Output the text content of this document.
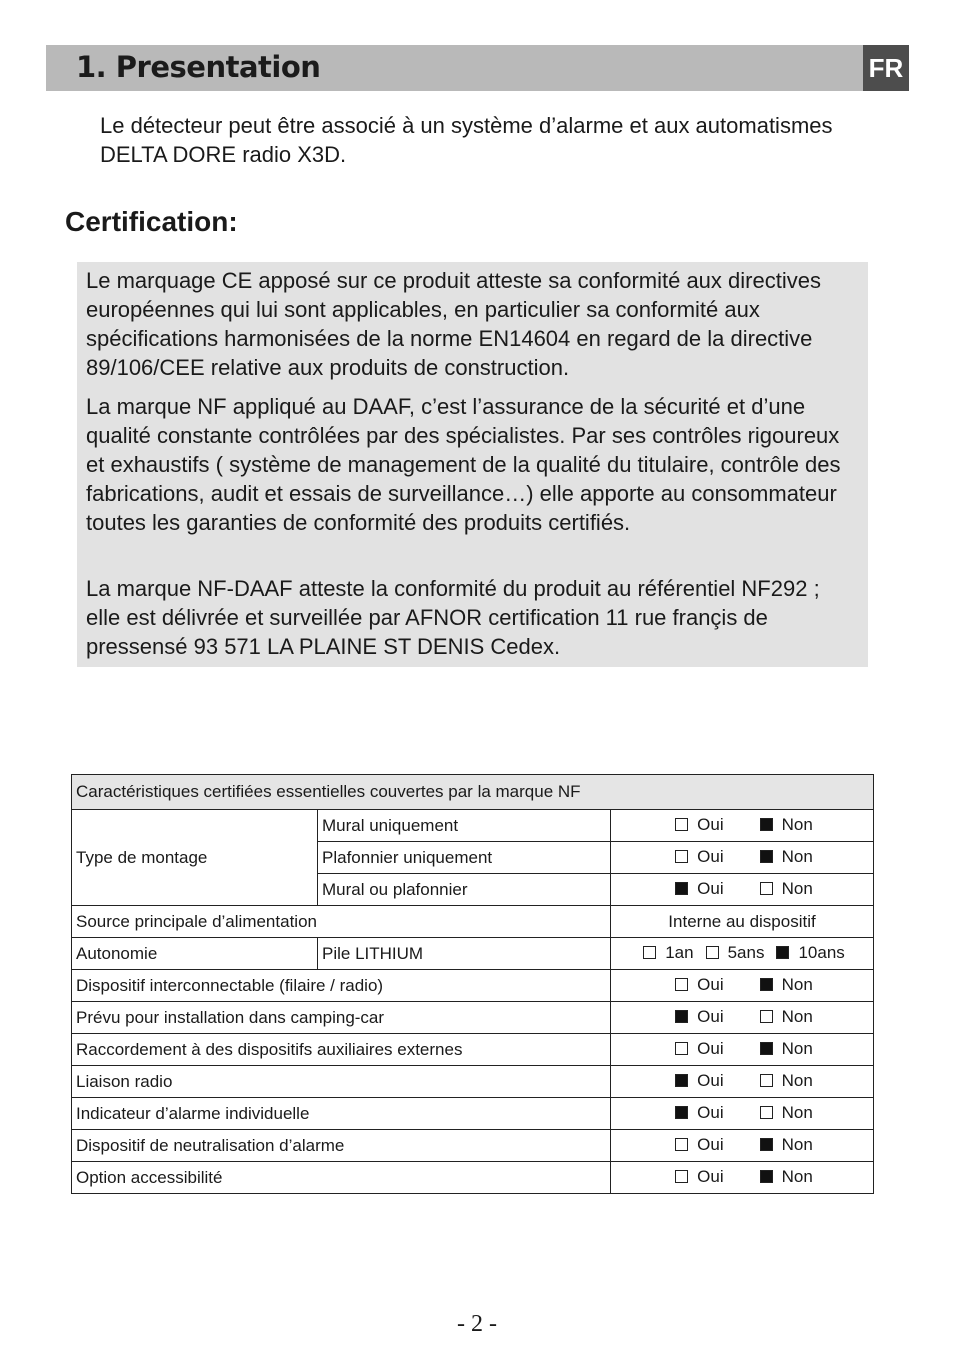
1. Presentation	FR
Le détecteur peut être associé à un système d’alarme et aux automatismes DELTA DORE radio X3D.
Certification:

Le marquage CE apposé sur ce produit atteste sa conformité aux directives européennes qui lui sont applicables, en particulier sa conformité aux spécifications harmonisées de la norme EN14604 en regard de la directive 89/106/CEE relative aux produits de construction.

La marque NF appliqué au DAAF, c’est l’assurance de la sécurité et d’une qualité constante contrôlées par des spécialistes. Par ses contrôles rigoureux et exhaustifs ( système de management de la qualité du titulaire, contrôle des fabrications, audit et essais de surveillance…) elle apporte au consommateur toutes les garanties de conformité des produits certifiés.

La marque NF-DAAF atteste la conformité du produit au référentiel NF292 ; elle est délivrée et surveillée par AFNOR certification 11 rue françis de pressensé 93 571 LA PLAINE ST DENIS Cedex.

Caractéristiques certifiées essentielles couvertes par la marque NF		
Type de montage	Mural uniquement	Oui Non

	Plafonnier uniquement	Oui Non

	Mural ou plafonnier	Oui Non

Source principale d’alimentation		Interne au dispositif
Autonomie	Pile LITHIUM	1an 5ans 10ans

Dispositif interconnectable (filaire / radio)		Oui Non

Prévu pour installation dans camping-car		Oui Non

Raccordement à des dispositifs auxiliaires externes		Oui Non

Liaison radio		Oui Non

Indicateur d’alarme individuelle		Oui Non

Dispositif de neutralisation d’alarme		Oui Non

Option accessibilité		Oui Non
- 2 -
